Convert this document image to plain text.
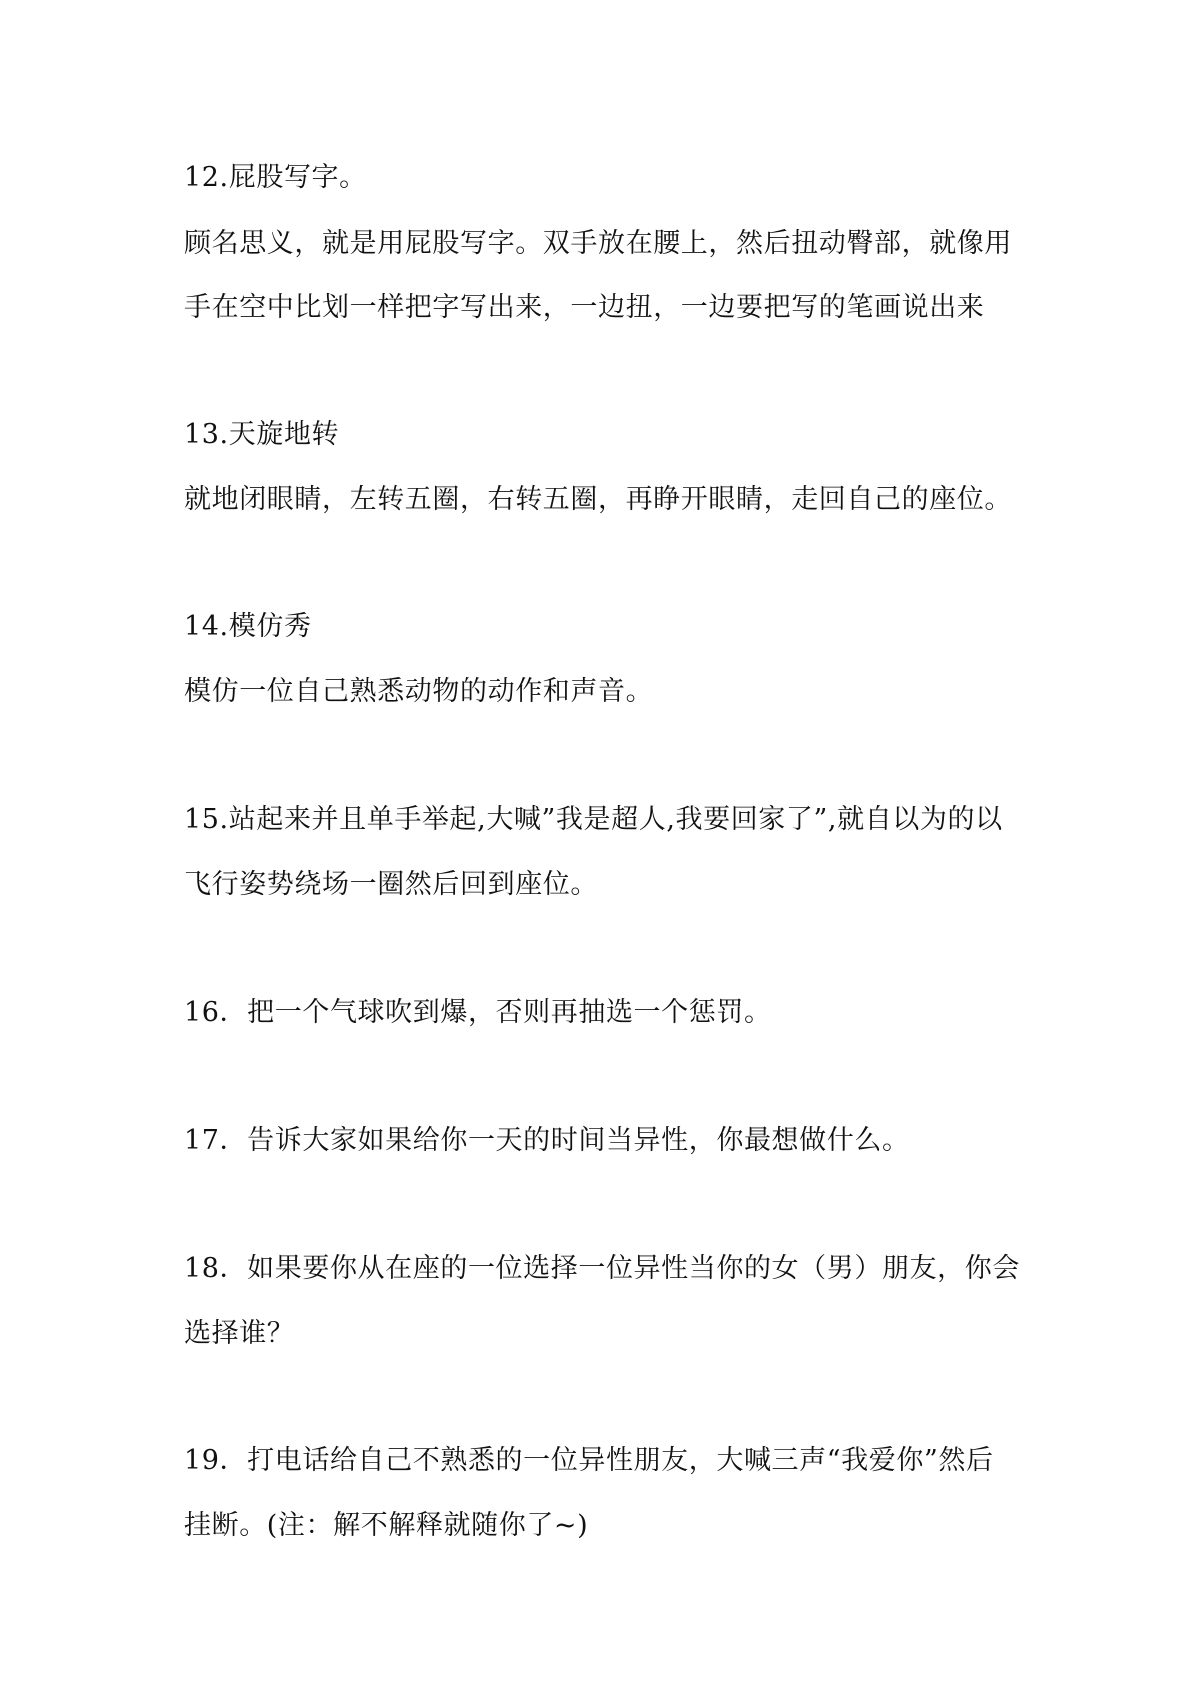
12.屁股写字。
顾名思义，就是用屁股写字。双手放在腰上，然后扭动臀部，就像用
手在空中比划一样把字写出来，一边扭，一边要把写的笔画说出来
13.天旋地转
就地闭眼睛，左转五圈，右转五圈，再睁开眼睛，走回自己的座位。
14.模仿秀
模仿一位自己熟悉动物的动作和声音。
15.站起来并且单手举起,大喊”我是超人,我要回家了”,就自以为的以
飞行姿势绕场一圈然后回到座位。
16．把一个气球吹到爆，否则再抽选一个惩罚。
17．告诉大家如果给你一天的时间当异性，你最想做什么。
18．如果要你从在座的一位选择一位异性当你的女（男）朋友，你会
选择谁？
19．打电话给自己不熟悉的一位异性朋友，大喊三声“我爱你”然后
挂断。(注：解不解释就随你了~)
